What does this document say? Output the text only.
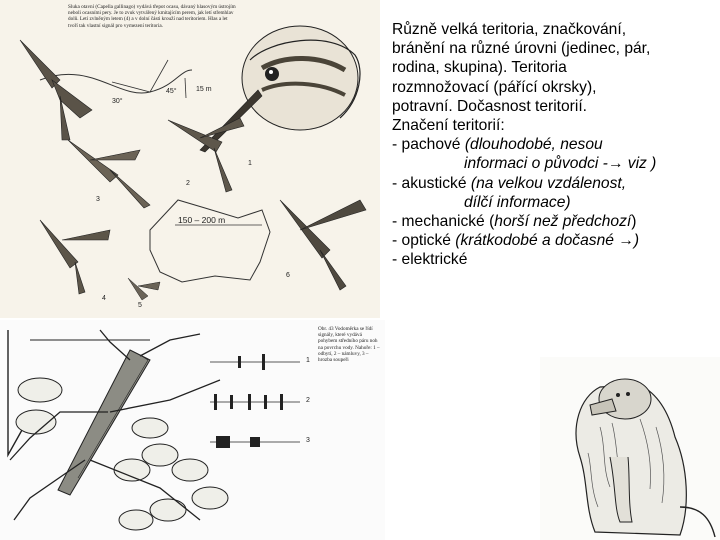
Sluka otavní (Capella gallinago) vydává třepot ocasu, dávaný hlasovým ústrojím neboli ocasními pery. Je to zvuk vytvářený kmitajícím perem, jak letí střemhlav dolů. Letí zvlněným letem (4) a v dolní části krouží nad teritoriem. Hlas a let tvoří tak vlastní signál pro vymezení teritoria.
45°	15 m
30°
150 – 200 m
1
2
3
4
5
6
Různě velká teritoria, značkování,
bránění na různé úrovni (jedinec, pár,
rodina, skupina). Teritoria
rozmnožovací (pářící okrsky),
potravní. Dočasnost teritorií.
Značení teritorií:
- pachové (dlouhodobé, nesou
informaci o původci -→ viz )
- akustické (na velkou vzdálenost,
dílčí informace)
- mechanické (horší než předchozí)
- optické (krátkodobé a dočasné →)
- elektrické
Obr. 43 Vodoměrka se řídí signály, které vydává pohybem středního páru noh na povrchu vody. Nahoře: 1 – odbytí, 2 – námluvy, 3 – hrozba soupeři
1
2
3
